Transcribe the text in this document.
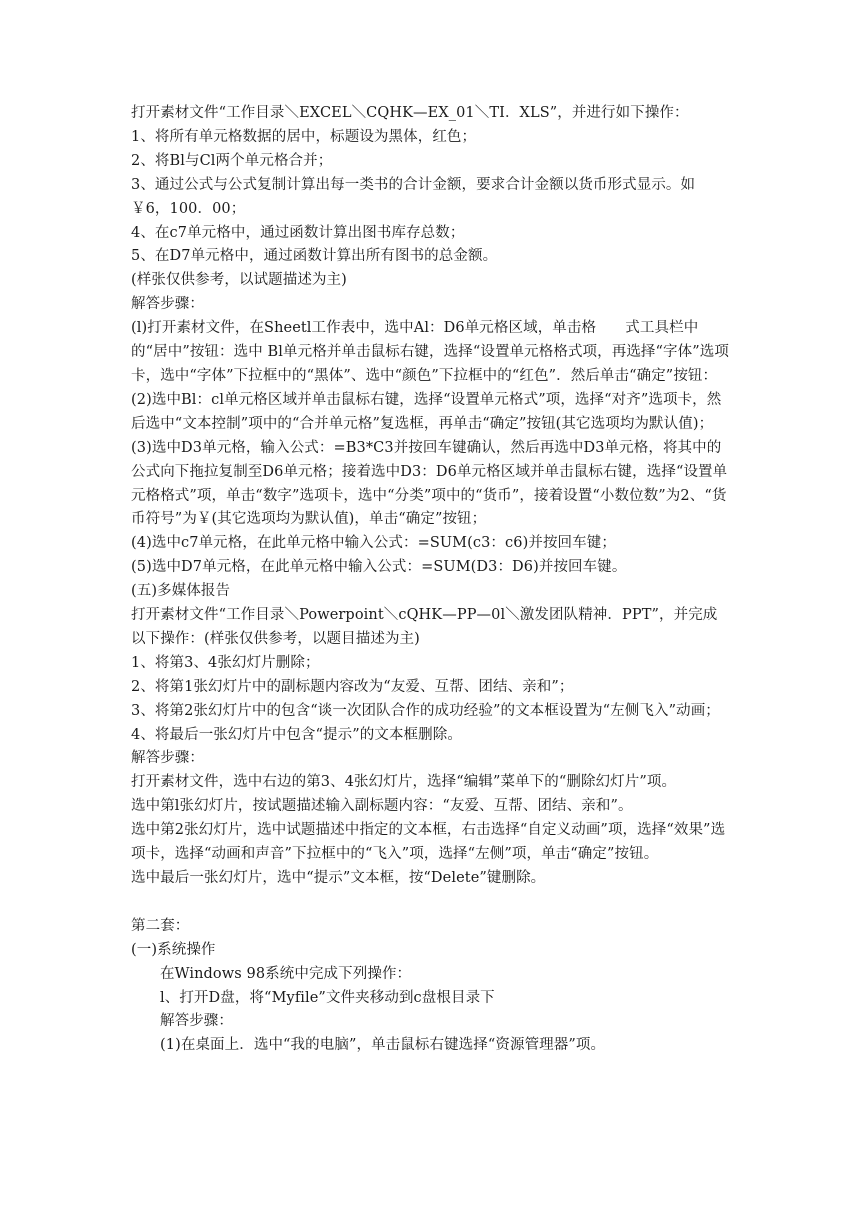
打开素材文件“工作目录＼EXCEL＼CQHK—EX_01＼TI．XLS”，并进行如下操作：
1、将所有单元格数据的居中，标题设为黑体，红色；
2、将Bl与Cl两个单元格合并；
3、通过公式与公式复制计算出每一类书的合计金额，要求合计金额以货币形式显示。如￥6，100．00；
4、在c7单元格中，通过函数计算出图书库存总数；
5、在D7单元格中，通过函数计算出所有图书的总金额。
(样张仅供参考，以试题描述为主)
解答步骤：
(l)打开素材文件，在Sheetl工作表中，选中Al：D6单元格区域，单击格　　式工具栏中的“居中”按钮：选中 Bl单元格并单击鼠标右键，选择“设置单元格格式项，再选择“字体”选项卡，选中“字体”下拉框中的“黑体”、选中“颜色”下拉框中的“红色”．然后单击“确定”按钮：
(2)选中Bl：cl单元格区域并单击鼠标右键，选择“设置单元格式”项，选择“对齐”选项卡，然后选中“文本控制”项中的“合并单元格”复选框，再单击“确定”按钮(其它选项均为默认值)；
(3)选中D3单元格，输入公式：=B3*C3并按回车键确认，然后再选中D3单元格，将其中的公式向下拖拉复制至D6单元格；接着选中D3：D6单元格区域并单击鼠标右键，选择“设置单元格格式”项，单击“数字”选项卡，选中“分类”项中的“货币”，接着设置“小数位数”为2、“货币符号”为￥(其它选项均为默认值)，单击“确定”按钮；
(4)选中c7单元格，在此单元格中输入公式：=SUM(c3：c6)并按回车键；
(5)选中D7单元格，在此单元格中输入公式：=SUM(D3：D6)并按回车键。
(五)多媒体报告
打开素材文件“工作目录＼Powerpoint＼cQHK—PP—0l＼激发团队精神．PPT”，并完成以下操作：(样张仅供参考，以题目描述为主)
1、将第3、4张幻灯片删除；
2、将第1张幻灯片中的副标题内容改为“友爱、互帮、团结、亲和”；
3、将第2张幻灯片中的包含“谈一次团队合作的成功经验”的文本框设置为“左侧飞入”动画；
4、将最后一张幻灯片中包含“提示”的文本框删除。
解答步骤：
打开素材文件，选中右边的第3、4张幻灯片，选择“编辑”菜单下的“删除幻灯片”项。
选中第l张幻灯片，按试题描述输入副标题内容：“友爱、互帮、团结、亲和”。
选中第2张幻灯片，选中试题描述中指定的文本框，右击选择“自定义动画”项，选择“效果”选项卡，选择“动画和声音”下拉框中的“飞入”项，选择“左侧”项，单击“确定”按钮。
选中最后一张幻灯片，选中“提示”文本框，按“Delete”键删除。
第二套：
(一)系统操作
在Windows 98系统中完成下列操作：
l、打开D盘，将“Myfile”文件夹移动到c盘根目录下
解答步骤：
(1)在桌面上．选中“我的电脑”，单击鼠标右键选择“资源管理器”项。
